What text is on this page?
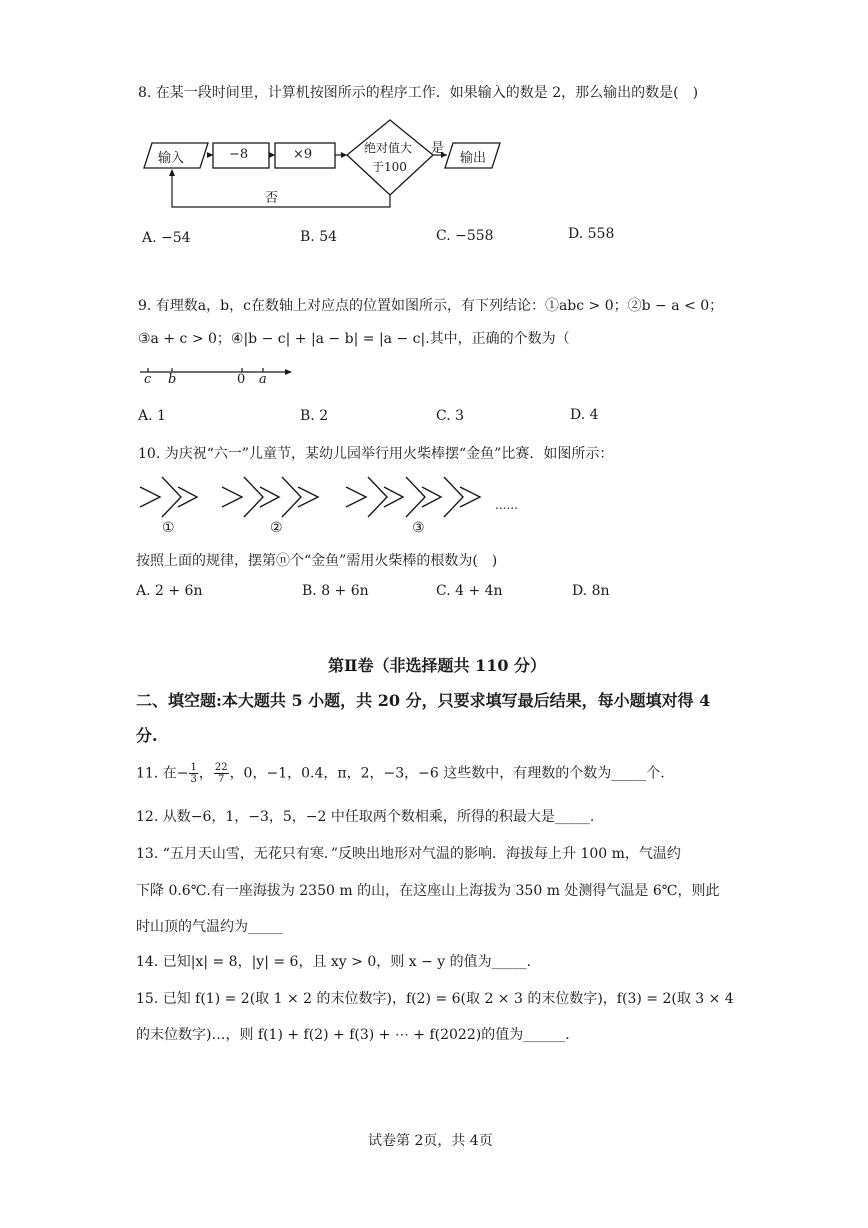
8. 在某一段时间里，计算机按图所示的程序工作．如果输入的数是 2，那么输出的数是(　)
输入	−8	×9	绝对值大
于100
是
输出
否
A. −54	B. 54	C. −558	D. 558
9. 有理数a，b，c在数轴上对应点的位置如图所示，有下列结论：①abc > 0；②b − a < 0；
③a + c > 0；④|b − c| + |a − b| = |a − c|.其中，正确的个数为（
c b	0 a
A. 1	B. 2	C. 3	D. 4
10. 为庆祝“六一”儿童节，某幼儿园举行用火柴棒摆“金鱼”比赛．如图所示：
......
①	②	③
按照上面的规律，摆第ⓝ个“金鱼”需用火柴棒的根数为(　)
A. 2 + 6n	B. 8 + 6n	C. 4 + 4n	D. 8n
第Ⅱ卷（非选择题共 110 分）
二、填空题:本大题共 5 小题，共 20 分，只要求填写最后结果，每小题填对得 4
分.
11. 在− $\frac{1}{3}$ ， $\frac{22}{7}$ ，0，−1，0.4，π，2，−3，−6 这些数中，有理数的个数为_____个.
12. 从数−6，1，−3，5，−2 中任取两个数相乘，所得的积最大是_____.
13. “五月天山雪，无花只有寒．”反映出地形对气温的影响．海拔每上升 100 m，气温约
下降 0.6℃.有一座海拔为 2350 m 的山，在这座山上海拔为 350 m 处测得气温是 6℃，则此
时山顶的气温约为_____
14. 已知|x| = 8，|y| = 6，且 xy > 0，则 x − y 的值为_____.
15. 已知 f(1) = 2(取 1 × 2 的末位数字)，f(2) = 6(取 2 × 3 的末位数字)，f(3) = 2(取 3 × 4
的末位数字)…，则 f(1) + f(2) + f(3) + ⋯ + f(2022)的值为______.
试卷第 2页，共 4页
